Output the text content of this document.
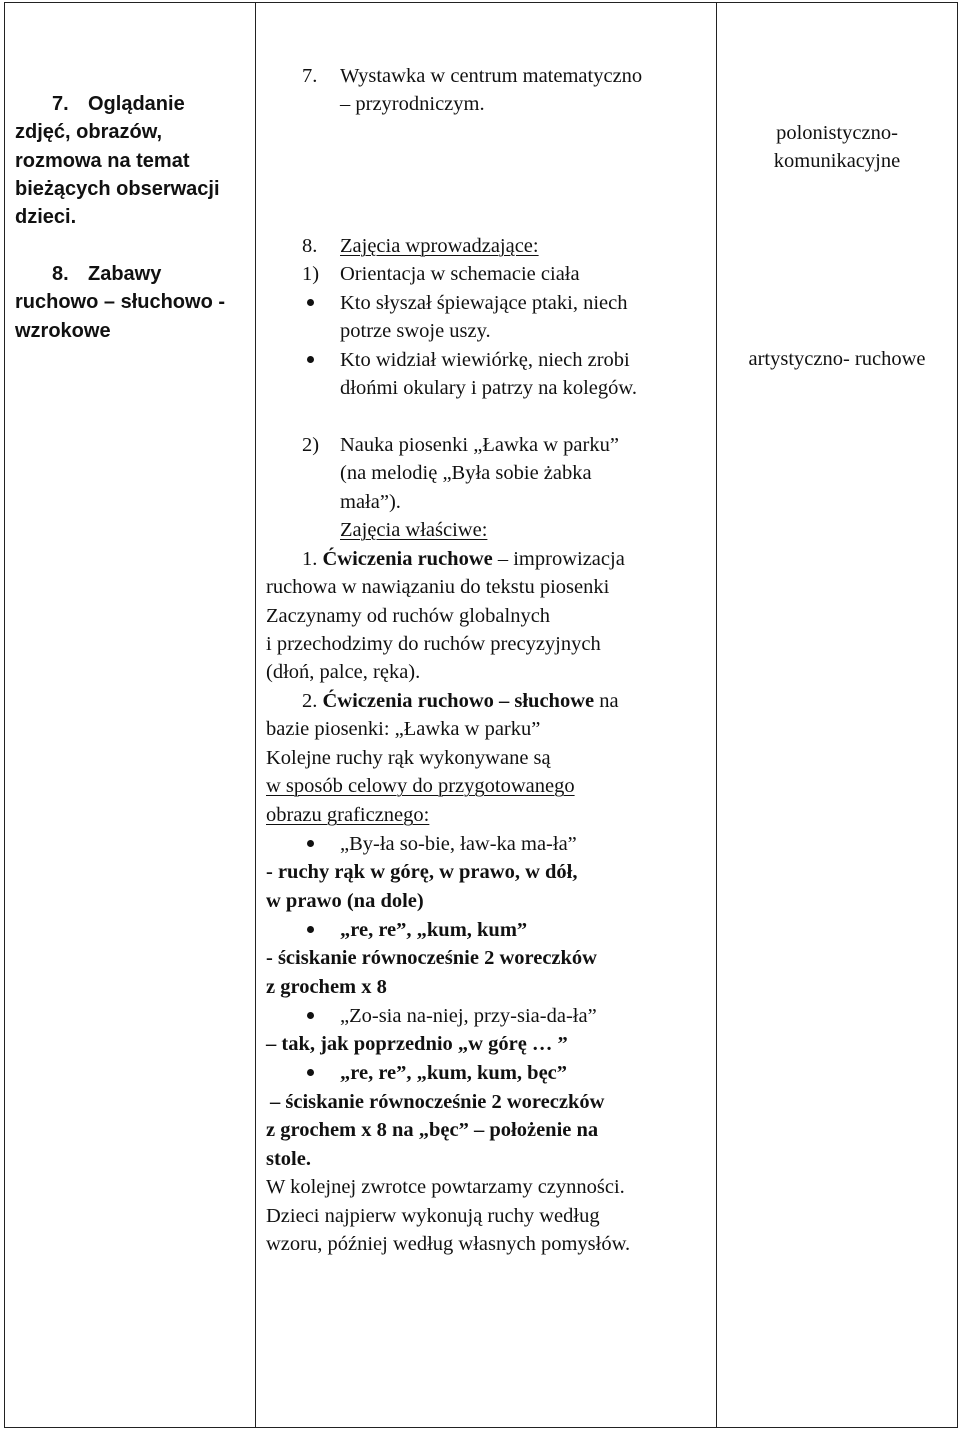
7. Oglądanie
zdjęć, obrazów,
rozmowa na temat
bieżących obserwacji
dzieci.
8. Zabawy
ruchowo – słuchowo -
wzrokowe
7. Wystawka w centrum matematyczno
– przyrodniczym.
8. Zajęcia wprowadzające:
1) Orientacja w schemacie ciała
Kto słyszał śpiewające ptaki, niech
potrze swoje uszy.
Kto widział wiewiórkę, niech zrobi
dłońmi okulary i patrzy na kolegów.
2) Nauka piosenki „Ławka w parku”
(na melodię „Była sobie żabka
mała”).
Zajęcia właściwe:
1. Ćwiczenia ruchowe – improwizacja
ruchowa w nawiązaniu do tekstu piosenki
Zaczynamy od ruchów globalnych
i przechodzimy do ruchów precyzyjnych
(dłoń, palce, ręka).
2. Ćwiczenia ruchowo – słuchowe na
bazie piosenki: „Ławka w parku”
Kolejne ruchy rąk wykonywane są
w sposób celowy do przygotowanego
obrazu graficznego:
„By-ła so-bie, ław-ka ma-ła”
- ruchy rąk w górę, w prawo, w dół,
w prawo (na dole)
„re, re”, „kum, kum”
- ściskanie równocześnie 2 woreczków
z grochem x 8
„Zo-sia na-niej, przy-sia-da-ła”
– tak, jak poprzednio „w górę … ”
„re, re”, „kum, kum, bęc”
– ściskanie równocześnie 2 woreczków
z grochem x 8 na „bęc” – położenie na
stole.
W kolejnej zwrotce powtarzamy czynności.
Dzieci najpierw wykonują ruchy według
wzoru, później według własnych pomysłów.
polonistyczno-
komunikacyjne
artystyczno- ruchowe
